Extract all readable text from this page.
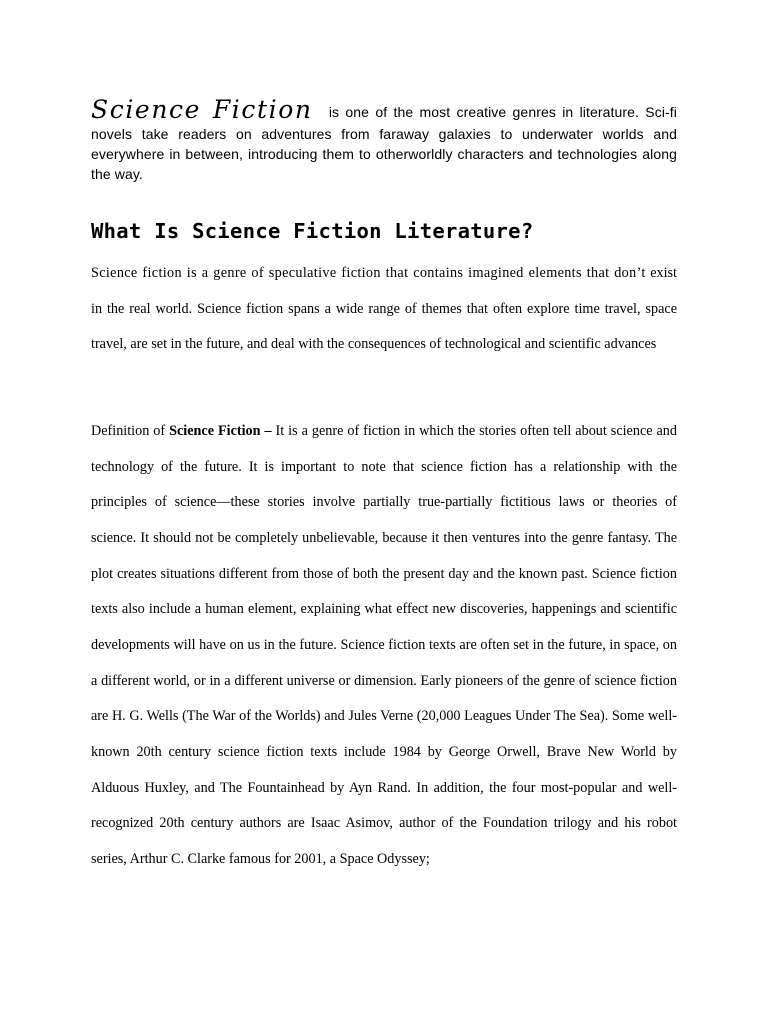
Science Fiction is one of the most creative genres in literature. Sci-fi novels take readers on adventures from faraway galaxies to underwater worlds and everywhere in between, introducing them to otherworldly characters and technologies along the way.
What Is Science Fiction Literature?

Science fiction is a genre of speculative fiction that contains imagined elements that don’t exist in the real world. Science fiction spans a wide range of themes that often explore time travel, space travel, are set in the future, and deal with the consequences of technological and scientific advances

Definition of Science Fiction – It is a genre of fiction in which the stories often tell about science and technology of the future. It is important to note that science fiction has a relationship with the principles of science—these stories involve partially true-partially fictitious laws or theories of science. It should not be completely unbelievable, because it then ventures into the genre fantasy. The plot creates situations different from those of both the present day and the known past. Science fiction texts also include a human element, explaining what effect new discoveries, happenings and scientific developments will have on us in the future. Science fiction texts are often set in the future, in space, on a different world, or in a different universe or dimension. Early pioneers of the genre of science fiction are H. G. Wells (The War of the Worlds) and Jules Verne (20,000 Leagues Under The Sea). Some well-known 20th century science fiction texts include 1984 by George Orwell, Brave New World by Alduous Huxley, and The Fountainhead by Ayn Rand. In addition, the four most-popular and well-recognized 20th century authors are Isaac Asimov, author of the Foundation trilogy and his robot series, Arthur C. Clarke famous for 2001, a Space Odyssey;
